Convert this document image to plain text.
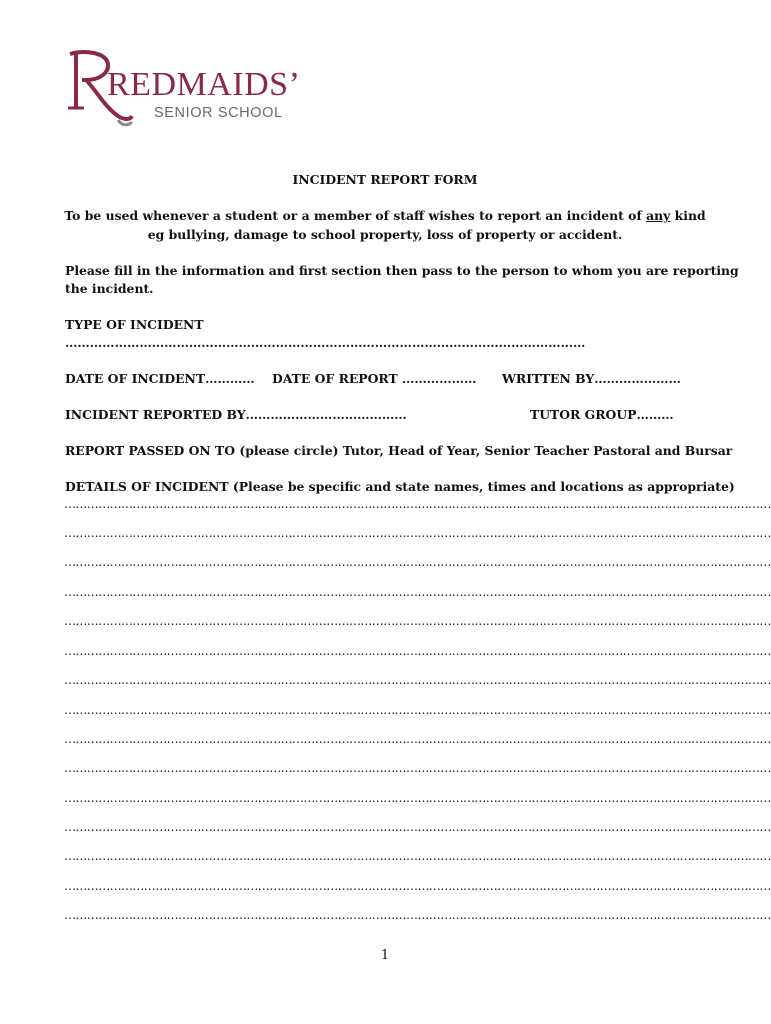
REDMAIDS’
SENIOR SCHOOL
INCIDENT REPORT FORM
To be used whenever a student or a member of staff wishes to report an incident of any kind
eg bullying, damage to school property, loss of property or accident.
Please fill in the information and first section then pass to the person to whom you are reporting
the incident.
TYPE OF INCIDENT
………………………………………………………………………………………………………………
DATE OF INCIDENT………… DATE OF REPORT ……………… WRITTEN BY…………………
INCIDENT REPORTED BY…………………………………	TUTOR GROUP………
REPORT PASSED ON TO (please circle) Tutor, Head of Year, Senior Teacher Pastoral and Bursar
DETAILS OF INCIDENT (Please be specific and state names, times and locations as appropriate)
……………………………………………………………………………………………………………………………………………………………………
……………………………………………………………………………………………………………………………………………………………………
……………………………………………………………………………………………………………………………………………………………………
……………………………………………………………………………………………………………………………………………………………………
……………………………………………………………………………………………………………………………………………………………………
……………………………………………………………………………………………………………………………………………………………………
……………………………………………………………………………………………………………………………………………………………………
……………………………………………………………………………………………………………………………………………………………………
……………………………………………………………………………………………………………………………………………………………………
……………………………………………………………………………………………………………………………………………………………………
……………………………………………………………………………………………………………………………………………………………………
……………………………………………………………………………………………………………………………………………………………………
……………………………………………………………………………………………………………………………………………………………………
……………………………………………………………………………………………………………………………………………………………………
……………………………………………………………………………………………………………………………………………………………………
1
